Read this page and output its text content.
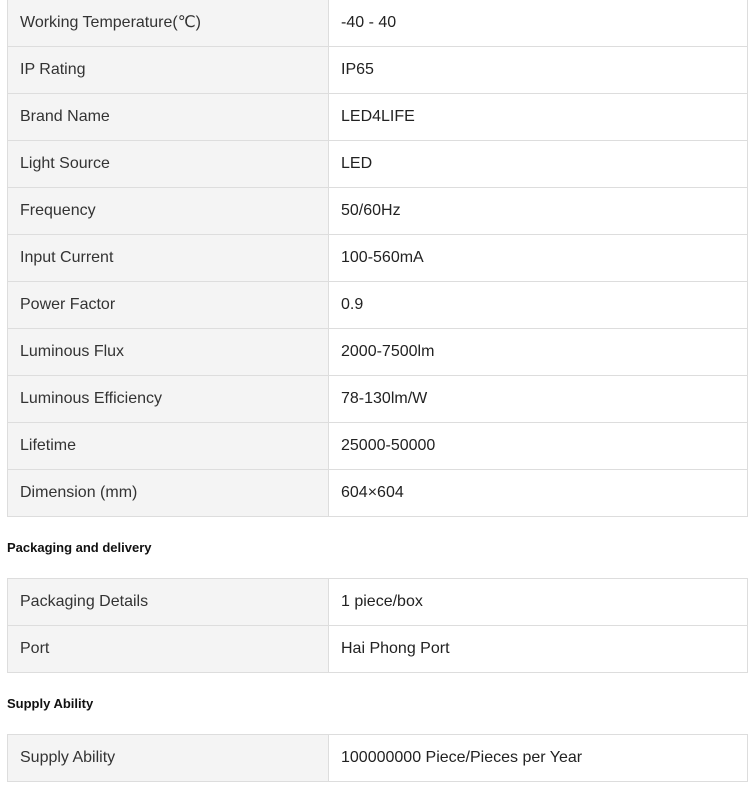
Working Temperature(℃)	-40 - 40
IP Rating	IP65
Brand Name	LED4LIFE
Light Source	LED
Frequency	50/60Hz
Input Current	100-560mA
Power Factor	0.9
Luminous Flux	2000-7500lm
Luminous Efficiency	78-130lm/W
Lifetime	25000-50000
Dimension (mm)	604×604
Packaging and delivery
Packaging Details	1 piece/box
Port	Hai Phong Port
Supply Ability
Supply Ability	100000000 Piece/Pieces per Year
